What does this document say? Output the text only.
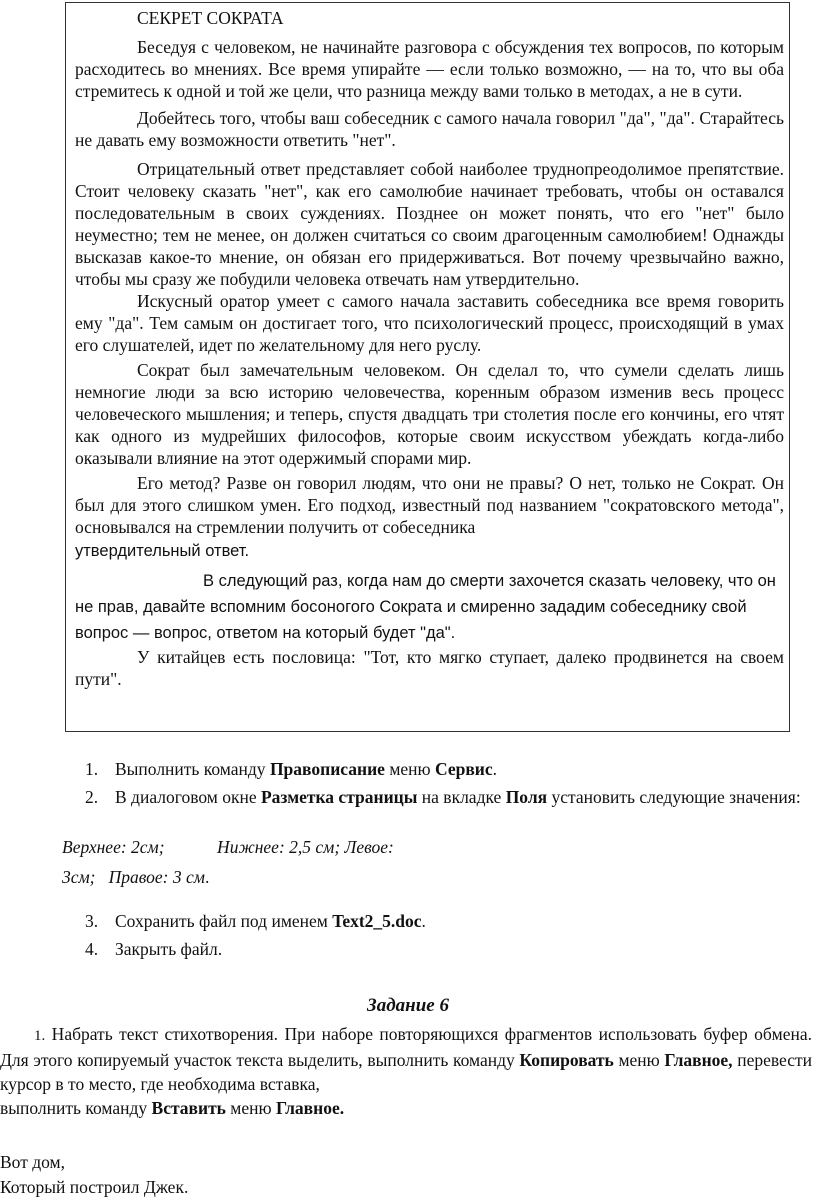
СЕКРЕТ СОКРАТА

Беседуя с человеком, не начинайте разговора с обсуждения тех вопросов, по которым расходитесь во мнениях. Все время упирайте — если только возможно, — на то, что вы оба стремитесь к одной и той же цели, что разница между вами только в методах, а не в сути.

Добейтесь того, чтобы ваш собеседник с самого начала говорил "да", "да". Старайтесь не давать ему возможности ответить "нет".

Отрицательный ответ представляет собой наиболее труднопреодолимое препятствие. Стоит человеку сказать "нет", как его самолюбие начинает требовать, чтобы он оставался последовательным в своих суждениях. Позднее он может понять, что его "нет" было неуместно; тем не менее, он должен считаться со своим драгоценным самолюбием! Однажды высказав какое-то мнение, он обязан его придерживаться. Вот почему чрезвычайно важно, чтобы мы сразу же побудили человека отвечать нам утвердительно.

Искусный оратор умеет с самого начала заставить собеседника все время говорить ему "да". Тем самым он достигает того, что психологический процесс, происходящий в умах его слушателей, идет по желательному для него руслу.

Сократ был замечательным человеком. Он сделал то, что сумели сделать лишь немногие люди за всю историю человечества, коренным образом изменив весь процесс человеческого мышления; и теперь, спустя двадцать три столетия после его кончины, его чтят как одного из мудрейших философов, которые своим искусством убеждать когда-либо оказывали влияние на этот одержимый спорами мир.

Его метод? Разве он говорил людям, что они не правы? О нет, только не Сократ. Он был для этого слишком умен. Его подход, известный под названием "сократовского метода", основывался на стремлении получить от собеседника

утвердительный ответ.

В следующий раз, когда нам до смерти захочется сказать человеку, что он

не прав, давайте вспомним босоногого Сократа и смиренно зададим собеседнику свой

вопрос — вопрос, ответом на который будет "да".

У китайцев есть пословица: "Тот, кто мягко ступает, далеко продвинется на своем пути".

1. Выполнить команду Правописание меню Сервис.
2. В диалоговом окне Разметка страницы на вкладке Поля установить следующие значения:
Верхнее: 2см;            Нижнее: 2,5 см; Левое:
3см;   Правое: 3 см.
3. Сохранить файл под именем Text2_5.doc.
4. Закрыть файл.
Задание 6
1. Набрать текст стихотворения. При наборе повторяющихся фрагментов использовать буфер обмена. Для этого копируемый участок текста выделить, выполнить команду Копировать меню Главное, перевести курсор в то место, где необходима вставка,
выполнить команду Вставить меню Главное.
Вот дом,
Который построил Джек.
